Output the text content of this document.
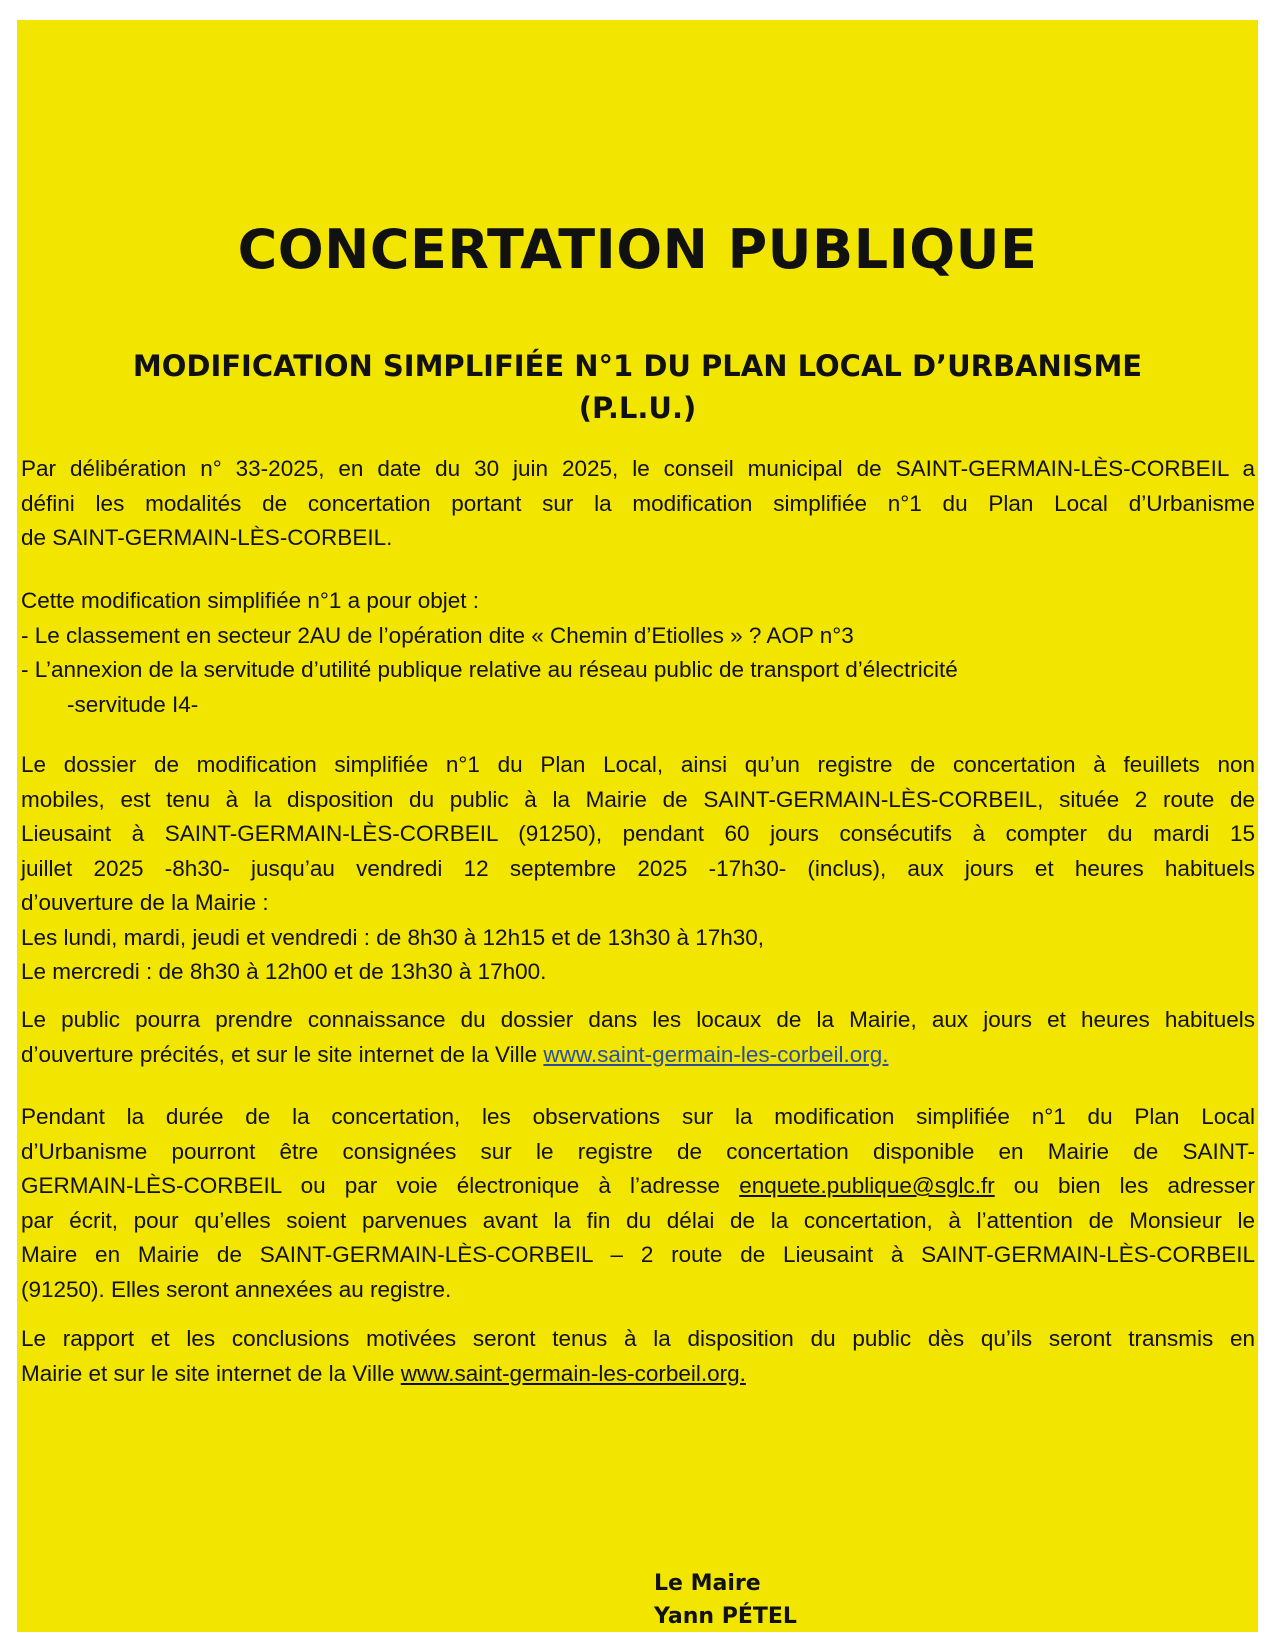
CONCERTATION PUBLIQUE
MODIFICATION SIMPLIFIÉE N°1 DU PLAN LOCAL D’URBANISME
(P.L.U.)
Par délibération n° 33-2025, en date du 30 juin 2025, le conseil municipal de SAINT-GERMAIN-LÈS-CORBEIL a
défini les modalités de concertation portant sur la modification simplifiée n°1 du Plan Local d’Urbanisme
de SAINT-GERMAIN-LÈS-CORBEIL.
Cette modification simplifiée n°1 a pour objet :
- Le classement en secteur 2AU de l’opération dite « Chemin d’Etiolles » ? AOP n°3
- L’annexion de la servitude d’utilité publique relative au réseau public de transport d’électricité
-servitude I4-
Le dossier de modification simplifiée n°1 du Plan Local, ainsi qu’un registre de concertation à feuillets non
mobiles, est tenu à la disposition du public à la Mairie de SAINT-GERMAIN-LÈS-CORBEIL, située 2 route de
Lieusaint à SAINT-GERMAIN-LÈS-CORBEIL (91250), pendant 60 jours consécutifs à compter du mardi 15
juillet 2025 -8h30- jusqu’au vendredi 12 septembre 2025 -17h30- (inclus), aux jours et heures habituels
d’ouverture de la Mairie :
Les lundi, mardi, jeudi et vendredi : de 8h30 à 12h15 et de 13h30 à 17h30,
Le mercredi : de 8h30 à 12h00 et de 13h30 à 17h00.
Le public pourra prendre connaissance du dossier dans les locaux de la Mairie, aux jours et heures habituels
d’ouverture précités, et sur le site internet de la Ville www.saint-germain-les-corbeil.org.
Pendant la durée de la concertation, les observations sur la modification simplifiée n°1 du Plan Local
d’Urbanisme pourront être consignées sur le registre de concertation disponible en Mairie de SAINT-
GERMAIN-LÈS-CORBEIL ou par voie électronique à l’adresse enquete.publique@sglc.fr ou bien les adresser
par écrit, pour qu’elles soient parvenues avant la fin du délai de la concertation, à l’attention de Monsieur le
Maire en Mairie de SAINT-GERMAIN-LÈS-CORBEIL – 2 route de Lieusaint à SAINT-GERMAIN-LÈS-CORBEIL
(91250). Elles seront annexées au registre.
Le rapport et les conclusions motivées seront tenus à la disposition du public dès qu’ils seront transmis en
Mairie et sur le site internet de la Ville www.saint-germain-les-corbeil.org.
Le Maire
Yann PÉTEL
